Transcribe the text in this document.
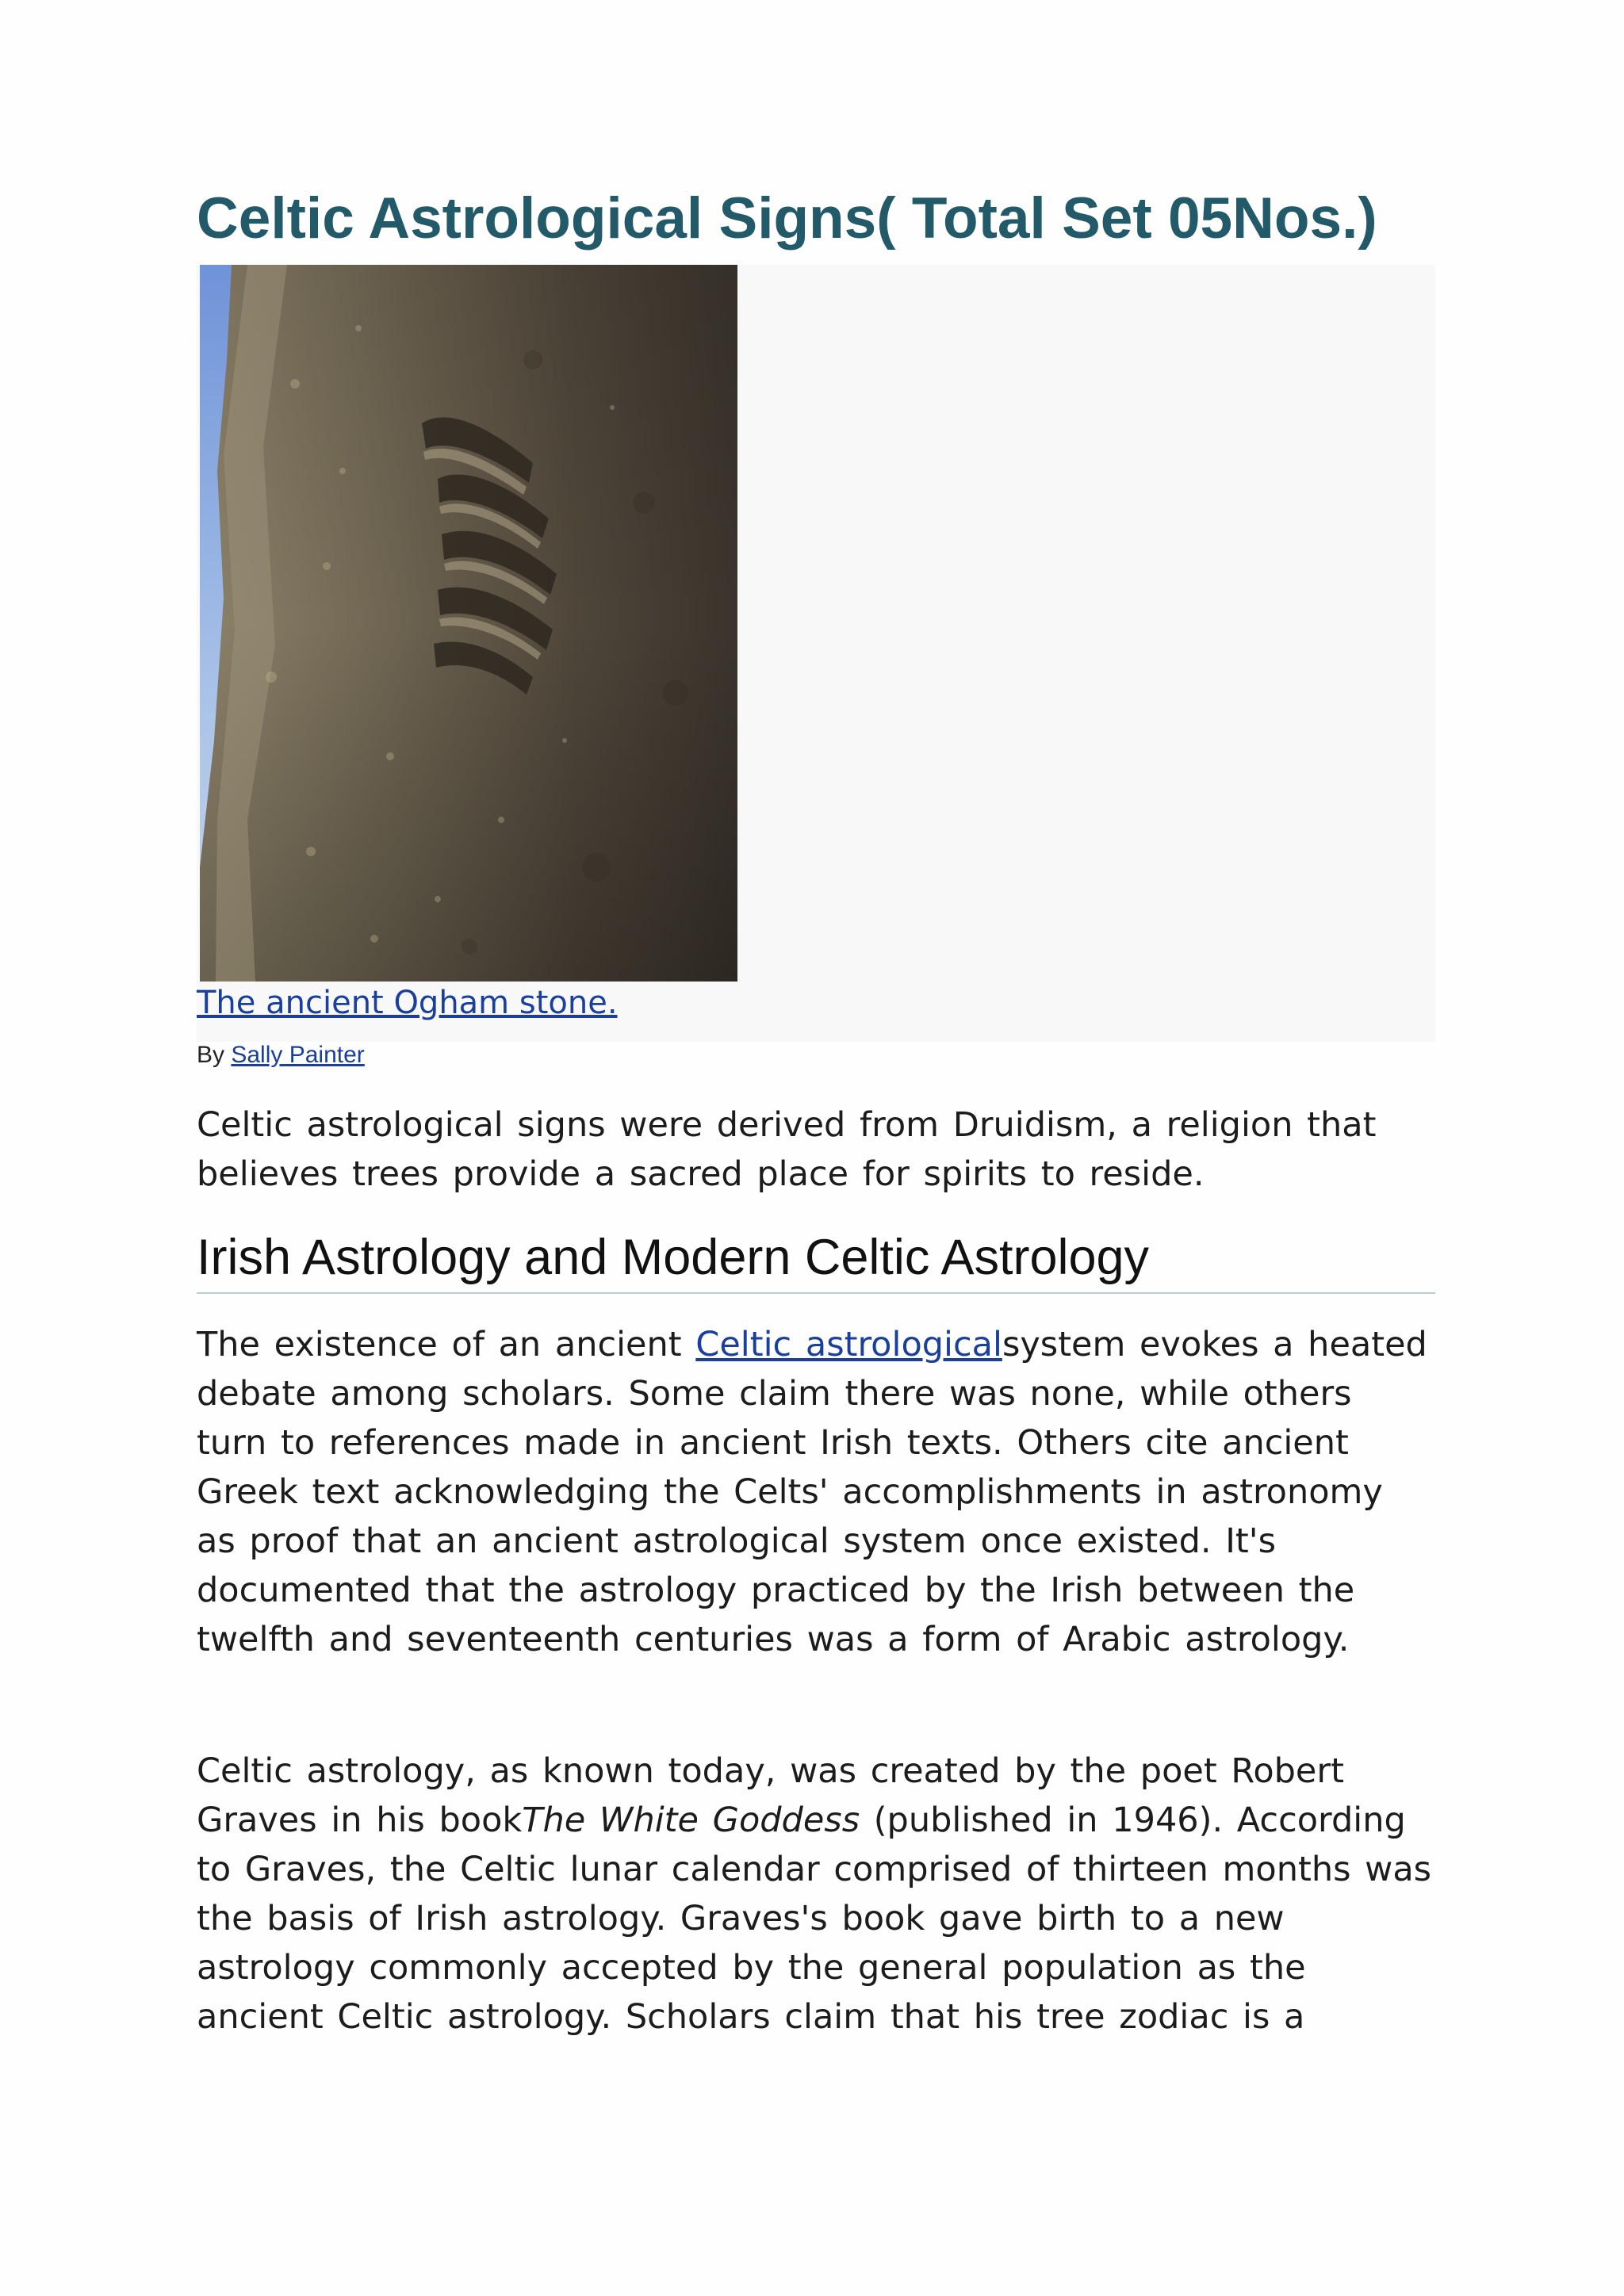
Celtic Astrological Signs( Total Set 05Nos.)
The ancient Ogham stone.
By Sally Painter

Celtic astrological signs were derived from Druidism, a religion that believes trees provide a sacred place for spirits to reside.

Irish Astrology and Modern Celtic Astrology

The existence of an ancient Celtic astrologicalsystem evokes a heated debate among scholars. Some claim there was none, while others turn to references made in ancient Irish texts. Others cite ancient Greek text acknowledging the Celts' accomplishments in astronomy as proof that an ancient astrological system once existed. It's documented that the astrology practiced by the Irish between the twelfth and seventeenth centuries was a form of Arabic astrology.

Celtic astrology, as known today, was created by the poet Robert Graves in his bookThe White Goddess (published in 1946). According to Graves, the Celtic lunar calendar comprised of thirteen months was the basis of Irish astrology. Graves's book gave birth to a new astrology commonly accepted by the general population as the ancient Celtic astrology. Scholars claim that his tree zodiac is a
